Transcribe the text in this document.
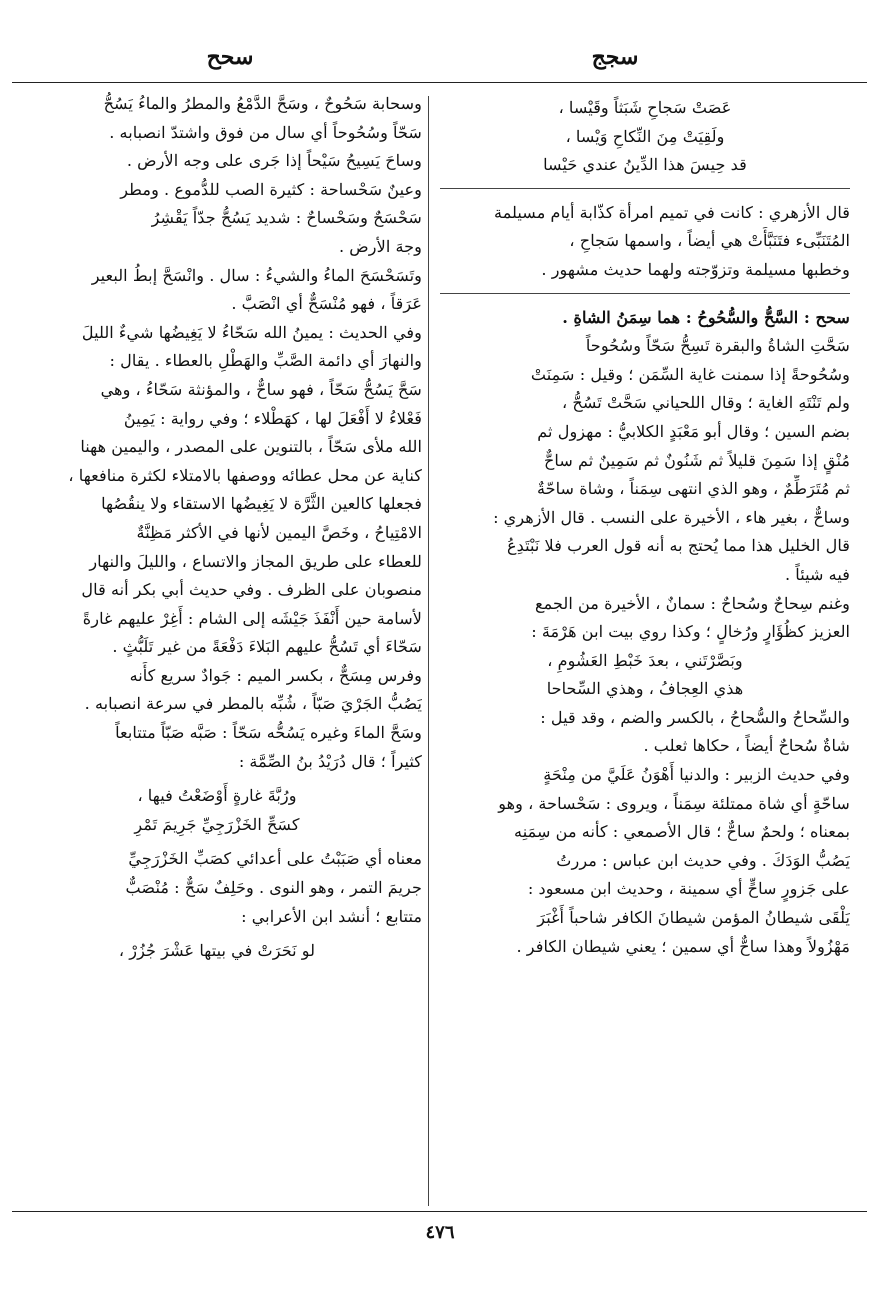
سجج
سحح
عَصَتْ سَجاحِ شَبَثاً وقَيْسا ،
ولَقِيَتْ مِنَ النِّكاحِ وَيْسا ،
قد حِيسَ هذا الدِّينُ عندي حَيْسا
قال الأزهري : كانت في تميم امرأة كذّابة أيام مسيلمة
المُتَنَبِّىء فتَنَبَّأَتْ هي أيضاً ، واسمها سَجاحِ ،
وخطبها مسيلمة وتزوّجته ولهما حديث مشهور .
سحح : السَّحُّ والسُّحُوحُ : هما سِمَنُ الشاةِ .
سَحَّتِ الشاةُ والبقرة تَسِحُّ سَحّاً وسُحُوحاً
وسُحُوحةً إذا سمنت غاية السِّمَن ؛ وقيل : سَمِنَتْ
ولم تَنْتَهِ الغاية ؛ وقال اللحياني سَحَّتْ تَسُحُّ ،
بضم السين ؛ وقال أبو مَعْبَدٍ الكلابيُّ : مهزول ثم
مُنْقٍ إذا سَمِنَ قليلاً ثم شَنُونٌ ثم سَمِينٌ ثم ساحٌّ
ثم مُتَرَطِّمٌ ، وهو الذي انتهى سِمَناً ، وشاة ساحّةٌ
وساحٌّ ، بغير هاء ، الأخيرة على النسب . قال الأزهري :
قال الخليل هذا مما يُحتج به أنه قول العرب فلا نَبْتَدِعُ
فيه شيئاً .
وغنم سِحاحٌ وسُحاحٌ : سمانٌ ، الأخيرة من الجمع
العزيز كظُؤَارٍ ورُخالٍ ؛ وكذا روي بيت ابن هَرْمَةَ :
وبَصَّرْتَني ، بعدَ خَبْطِ العَشُومِ ،
هذي العِجافُ ، وهذي السِّحاحا
والسِّحاحُ والسُّحاحُ ، بالكسر والضم ، وقد قيل :
شاةٌ سُحاحٌ أيضاً ، حكاها ثعلب .
وفي حديث الزبير : والدنيا أَهْوَنُ عَلَيَّ من مِنْحَةٍ
ساحّةٍ أي شاة ممتلئة سِمَناً ، ويروى : سَحْساحة ، وهو
بمعناه ؛ ولحمٌ ساحٌّ ؛ قال الأصمعي : كأنه من سِمَنِه
يَصُبُّ الوَدَكَ . وفي حديث ابن عباس : مررتُ
على جَزورٍ ساحٍّ أي سمينة ، وحديث ابن مسعود :
يَلْقَى شيطانُ المؤمن شيطانَ الكافر شاحباً أَغْبَرَ
مَهْزُولاً وهذا ساحٌّ أي سمين ؛ يعني شيطان الكافر .
وسحابة سَحُوحٌ ، وسَحَّ الدَّمْعُ والمطرُ والماءُ يَسُحُّ
سَحّاً وسُحُوحاً أي سال من فوق واشتدّ انصبابه .
وساحَ يَسِيحُ سَيْحاً إذا جَرى على وجه الأرض .
وعينٌ سَحْساحة : كثيرة الصب للدُّموع . ومطر
سَحْسَحٌ وسَحْساحٌ : شديد يَسُحُّ جدّاً يَقْشِرُ
وجهَ الأرض .
وتَسَحْسَحَ الماءُ والشيءُ : سال . وانْسَحَّ إبطُ البعير
عَرَقاً ، فهو مُنْسَحٌّ أي انْصَبَّ .
وفي الحديث : يمينُ الله سَحّاءُ لا يَغِيضُها شيءٌ الليلَ
والنهارَ أي دائمة الصَّبِّ والهَطْلِ بالعطاء . يقال :
سَحَّ يَسُحُّ سَحّاً ، فهو ساحٌّ ، والمؤنثة سَحّاءُ ، وهي
فَعْلاءُ لا أَفْعَلَ لها ، كهَطْلاء ؛ وفي رواية : يَمِينُ
الله ملأى سَحّاً ، بالتنوين على المصدر ، واليمين ههنا
كناية عن محل عطائه ووصفها بالامتلاء لكثرة منافعها ،
فجعلها كالعين الثَّرَّة لا يَغِيضُها الاستقاء ولا ينقُصُها
الامْتِياحُ ، وخَصَّ اليمين لأنها في الأكثر مَظِنَّةٌ
للعطاء على طريق المجاز والاتساع ، والليلَ والنهار
منصوبان على الظرف . وفي حديث أبي بكر أنه قال
لأسامة حين أَنْفَذَ جَيْشَه إلى الشام : أَغِرْ عليهم غارةً
سَحّاءَ أي تَسُحُّ عليهم البَلاءَ دَفْعَةً من غير تَلَبُّثٍ .
وفرس مِسَحٌّ ، بكسر الميم : جَوادٌ سريع كأَنه
يَصُبُّ الجَرْيَ صَبّاً ، شُبِّه بالمطر في سرعة انصبابه .
وسَحَّ الماءَ وغيره يَسُحُّه سَحّاً : صَبَّه صَبّاً متتابعاً
كثيراً ؛ قال دُرَيْدُ بنُ الصِّمَّة :
ورُبَّةَ غارةٍ أَوْضَعْتُ فيها ،
كسَحِّ الخَزْرَجِيِّ جَرِيمَ تَمْرِ
معناه أي صَبَبْتُ على أعدائي كصَبِّ الخَزْرَجِيِّ
جريمَ التمر ، وهو النوى . وحَلِفٌ سَحٌّ : مُنْصَبٌّ
متتابع ؛ أنشد ابن الأعرابي :
لو نَحَرَتْ في بيتها عَشْرَ جُزُرْ ،
٤٧٦
